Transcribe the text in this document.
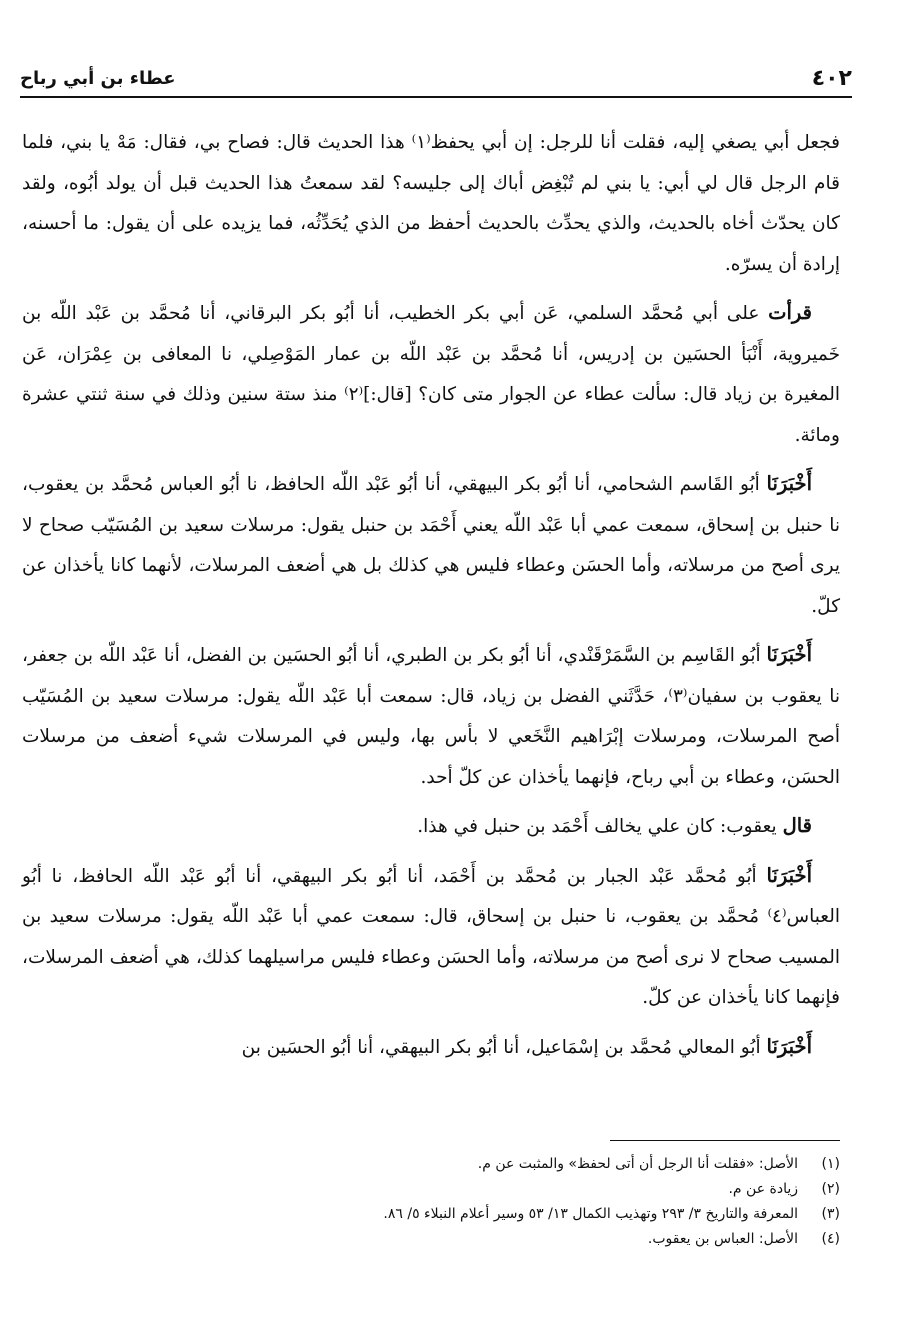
٤٠٢
عطاء بن أبي رباح

فجعل أبي يصغي إليه، فقلت أنا للرجل: إن أبي يحفظ⁽١⁾ هذا الحديث قال: فصاح بي، فقال: مَهْ يا بني، فلما قام الرجل قال لي أبي: يا بني لم تُبْغِض أباك إلى جليسه؟ لقد سمعتُ هذا الحديث قبل أن يولد أبُوه، ولقد كان يحدّث أخاه بالحديث، والذي يحدِّث بالحديث أحفظ من الذي يُحَدِّثُه، فما يزيده على أن يقول: ما أحسنه، إرادة أن يسرّه.

قرأت على أبي مُحمَّد السلمي، عَن أبي بكر الخطيب، أنا أبُو بكر البرقاني، أنا مُحمَّد بن عَبْد اللّه بن خَميروية، أَنْبَأ الحسَين بن إدريس، أنا مُحمَّد بن عَبْد اللّه بن عمار المَوْصِلي، نا المعافى بن عِمْرَان، عَن المغيرة بن زياد قال: سألت عطاء عن الجوار متى كان؟ [قال:]⁽٢⁾ منذ ستة سنين وذلك في سنة ثنتي عشرة ومائة.

أَخْبَرَنَا أبُو القَاسم الشحامي، أنا أبُو بكر البيهقي، أنا أبُو عَبْد اللّه الحافظ، نا أبُو العباس مُحمَّد بن يعقوب، نا حنبل بن إسحاق، سمعت عمي أبا عَبْد اللّه يعني أَحْمَد بن حنبل يقول: مرسلات سعيد بن المُسَيّب صحاح لا يرى أصح من مرسلاته، وأما الحسَن وعطاء فليس هي كذلك بل هي أضعف المرسلات، لأنهما كانا يأخذان عن كلّ.

أَخْبَرَنَا أبُو القَاسِم بن السَّمَرْقَنْدي، أنا أبُو بكر بن الطبري، أنا أبُو الحسَين بن الفضل، أنا عَبْد اللّه بن جعفر، نا يعقوب بن سفيان⁽٣⁾، حَدَّثَني الفضل بن زياد، قال: سمعت أبا عَبْد اللّه يقول: مرسلات سعيد بن المُسَيّب أصح المرسلات، ومرسلات إبْرَاهيم النَّخَعي لا بأس بها، وليس في المرسلات شيء أضعف من مرسلات الحسَن، وعطاء بن أبي رباح، فإنهما يأخذان عن كلّ أحد.

قال يعقوب: كان علي يخالف أَحْمَد بن حنبل في هذا.

أَخْبَرَنَا أبُو مُحمَّد عَبْد الجبار بن مُحمَّد بن أَحْمَد، أنا أبُو بكر البيهقي، أنا أبُو عَبْد اللّه الحافظ، نا أبُو العباس⁽٤⁾ مُحمَّد بن يعقوب، نا حنبل بن إسحاق، قال: سمعت عمي أبا عَبْد اللّه يقول: مرسلات سعيد بن المسيب صحاح لا نرى أصح من مرسلاته، وأما الحسَن وعطاء فليس مراسيلهما كذلك، هي أضعف المرسلات، فإنهما كانا يأخذان عن كلّ.

أَخْبَرَنَا أبُو المعالي مُحمَّد بن إسْمَاعيل، أنا أبُو بكر البيهقي، أنا أبُو الحسَين بن

(١)
الأصل: «فقلت أنا الرجل أن أتى لحفظ» والمثبت عن م.
(٢)
زيادة عن م.
(٣)
المعرفة والتاريخ ٣/ ٢٩٣ وتهذيب الكمال ١٣/ ٥٣ وسير أعلام النبلاء ٥/ ٨٦.
(٤)
الأصل: العباس بن يعقوب.
